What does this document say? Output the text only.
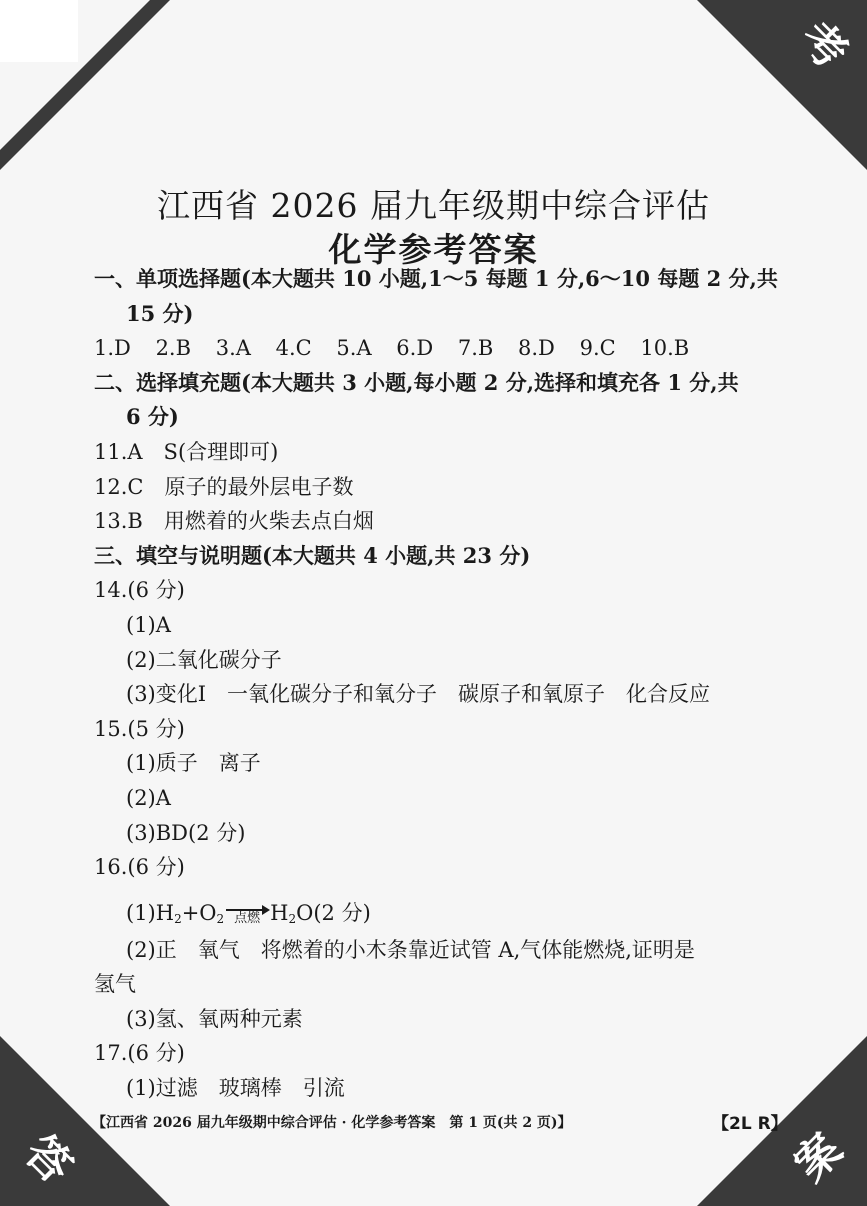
考
答	案
江西省 2026 届九年级期中综合评估
化学参考答案
一、单项选择题(本大题共 10 小题,1～5 每题 1 分,6～10 每题 2 分,共
15 分)
1.D 2.B 3.A 4.C 5.A 6.D 7.B 8.D 9.C 10.B
二、选择填充题(本大题共 3 小题,每小题 2 分,选择和填充各 1 分,共
6 分)
11.A　S(合理即可)
12.C　原子的最外层电子数
13.B　用燃着的火柴去点白烟
三、填空与说明题(本大题共 4 小题,共 23 分)
14.(6 分)
(1)A
(2)二氧化碳分子
(3)变化Ⅰ　一氧化碳分子和氧分子　碳原子和氧原子　化合反应
15.(5 分)
(1)质子　离子
(2)A
(3)BD(2 分)
16.(6 分)
$(1)H_2+O_2$ 点燃 $H_2O(2$ 分)
(2)正　氧气　将燃着的小木条靠近试管 A,气体能燃烧,证明是
氢气
(3)氢、氧两种元素
17.(6 分)
(1)过滤　玻璃棒　引流
【江西省 2026 届九年级期中综合评估 · 化学参考答案　第 1 页(共 2 页)】	【2L R】
